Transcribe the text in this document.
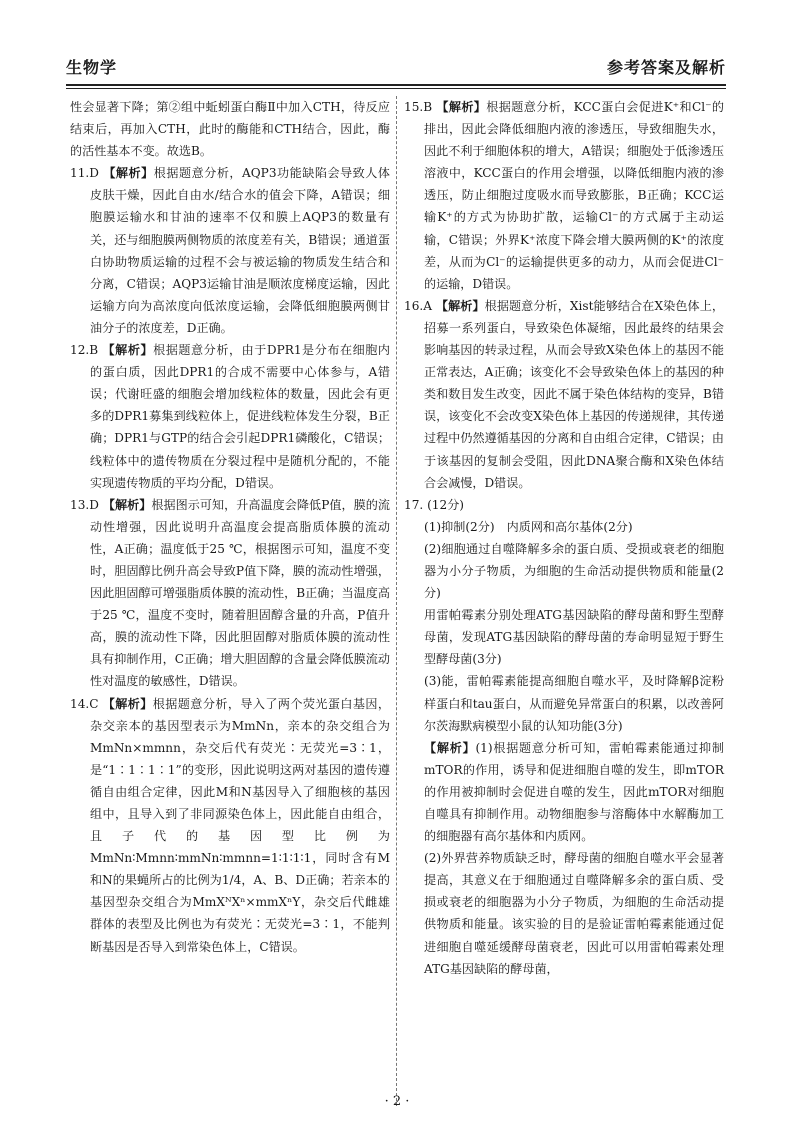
生物学	参考答案及解析

性会显著下降；第②组中蚯蚓蛋白酶Ⅱ中加入CTH，待反应结束后，再加入CTH，此时的酶能和CTH结合，因此，酶的活性基本不变。故选B。

11.D 【解析】根据题意分析，AQP3功能缺陷会导致人体皮肤干燥，因此自由水/结合水的值会下降，A错误；细胞膜运输水和甘油的速率不仅和膜上AQP3的数量有关，还与细胞膜两侧物质的浓度差有关，B错误；通道蛋白协助物质运输的过程不会与被运输的物质发生结合和分离，C错误；AQP3运输甘油是顺浓度梯度运输，因此运输方向为高浓度向低浓度运输，会降低细胞膜两侧甘油分子的浓度差，D正确。

12.B 【解析】根据题意分析，由于DPR1是分布在细胞内的蛋白质，因此DPR1的合成不需要中心体参与，A错误；代谢旺盛的细胞会增加线粒体的数量，因此会有更多的DPR1募集到线粒体上，促进线粒体发生分裂，B正确；DPR1与GTP的结合会引起DPR1磷酸化，C错误；线粒体中的遗传物质在分裂过程中是随机分配的，不能实现遗传物质的平均分配，D错误。

13.D 【解析】根据图示可知，升高温度会降低P值，膜的流动性增强，因此说明升高温度会提高脂质体膜的流动性，A正确；温度低于25 ℃，根据图示可知，温度不变时，胆固醇比例升高会导致P值下降，膜的流动性增强，因此胆固醇可增强脂质体膜的流动性，B正确；当温度高于25 ℃，温度不变时，随着胆固醇含量的升高，P值升高，膜的流动性下降，因此胆固醇对脂质体膜的流动性具有抑制作用，C正确；增大胆固醇的含量会降低膜流动性对温度的敏感性，D错误。

14.C 【解析】根据题意分析，导入了两个荧光蛋白基因，杂交亲本的基因型表示为MmNn，亲本的杂交组合为MmNn×mmnn，杂交后代有荧光∶无荧光=3∶1，是“1∶1∶1∶1”的变形，因此说明这两对基因的遗传遵循自由组合定律，因此M和N基因导入了细胞核的基因组中，且导入到了非同源染色体上，因此能自由组合，且子代的基因型比例为MmNn∶Mmnn∶mmNn∶mmnn=1∶1∶1∶1，同时含有M和N的果蝇所占的比例为1/4，A、B、D正确；若亲本的基因型杂交组合为MmXᴺXⁿ×mmXⁿY，杂交后代雌雄群体的表型及比例也为有荧光∶无荧光=3∶1，不能判断基因是否导入到常染色体上，C错误。

15.B 【解析】根据题意分析，KCC蛋白会促进K⁺和Cl⁻的排出，因此会降低细胞内液的渗透压，导致细胞失水，因此不利于细胞体积的增大，A错误；细胞处于低渗透压溶液中，KCC蛋白的作用会增强，以降低细胞内液的渗透压，防止细胞过度吸水而导致膨胀，B正确；KCC运输K⁺的方式为协助扩散，运输Cl⁻的方式属于主动运输，C错误；外界K⁺浓度下降会增大膜两侧的K⁺的浓度差，从而为Cl⁻的运输提供更多的动力，从而会促进Cl⁻的运输，D错误。

16.A 【解析】根据题意分析，Xist能够结合在X染色体上，招募一系列蛋白，导致染色体凝缩，因此最终的结果会影响基因的转录过程，从而会导致X染色体上的基因不能正常表达，A正确；该变化不会导致染色体上的基因的种类和数目发生改变，因此不属于染色体结构的变异，B错误，该变化不会改变X染色体上基因的传递规律，其传递过程中仍然遵循基因的分离和自由组合定律，C错误；由于该基因的复制会受阻，因此DNA聚合酶和X染色体结合会减慢，D错误。

17. (12分)

(1)抑制(2分)　内质网和高尔基体(2分)

(2)细胞通过自噬降解多余的蛋白质、受损或衰老的细胞器为小分子物质，为细胞的生命活动提供物质和能量(2分)

用雷帕霉素分别处理ATG基因缺陷的酵母菌和野生型酵母菌，发现ATG基因缺陷的酵母菌的寿命明显短于野生型酵母菌(3分)

(3)能，雷帕霉素能提高细胞自噬水平，及时降解β淀粉样蛋白和tau蛋白，从而避免异常蛋白的积累，以改善阿尔茨海默病模型小鼠的认知功能(3分)

【解析】(1)根据题意分析可知，雷帕霉素能通过抑制mTOR的作用，诱导和促进细胞自噬的发生，即mTOR的作用被抑制时会促进自噬的发生，因此mTOR对细胞自噬具有抑制作用。动物细胞参与溶酶体中水解酶加工的细胞器有高尔基体和内质网。

(2)外界营养物质缺乏时，酵母菌的细胞自噬水平会显著提高，其意义在于细胞通过自噬降解多余的蛋白质、受损或衰老的细胞器为小分子物质，为细胞的生命活动提供物质和能量。该实验的目的是验证雷帕霉素能通过促进细胞自噬延缓酵母菌衰老，因此可以用雷帕霉素处理ATG基因缺陷的酵母菌，

· 2 ·
